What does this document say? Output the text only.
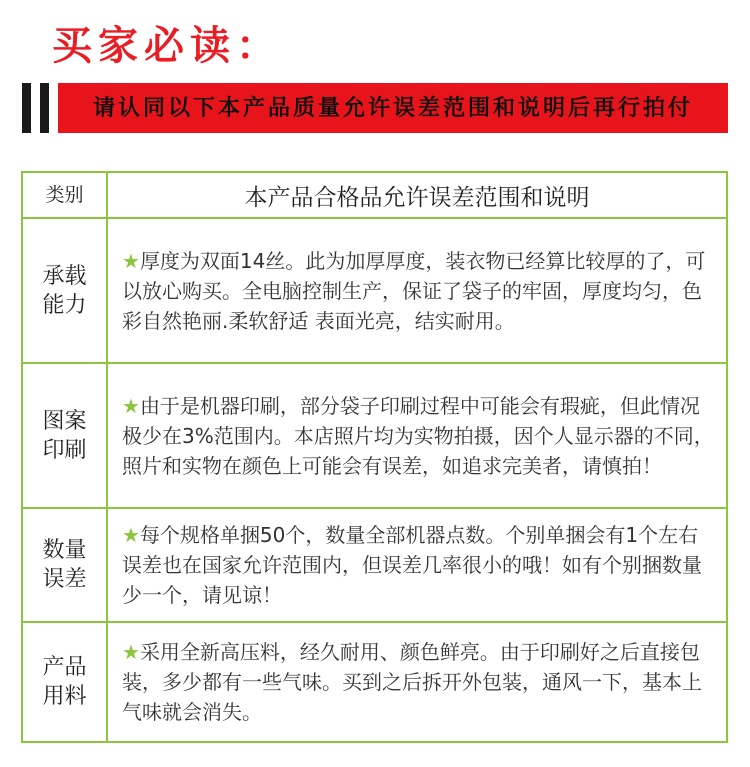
买家必读：
请认同以下本产品质量允许误差范围和说明后再行拍付
类别	本产品合格品允许误差范围和说明

承载能力	★厚度为双面14丝。此为加厚厚度，装衣物已经算比较厚的了，可以放心购买。全电脑控制生产，保证了袋子的牢固，厚度均匀，色彩自然艳丽.柔软舒适 表面光亮，结实耐用。

图案印刷	★由于是机器印刷，部分袋子印刷过程中可能会有瑕疵，但此情况极少在3%范围内。本店照片均为实物拍摄，因个人显示器的不同，照片和实物在颜色上可能会有误差，如追求完美者，请慎拍！

数量误差	★每个规格单捆50个，数量全部机器点数。个别单捆会有1个左右误差也在国家允许范围内，但误差几率很小的哦！如有个别捆数量少一个，请见谅！

产品用料	★采用全新高压料，经久耐用、颜色鲜亮。由于印刷好之后直接包装，多少都有一些气味。买到之后拆开外包装，通风一下，基本上气味就会消失。
